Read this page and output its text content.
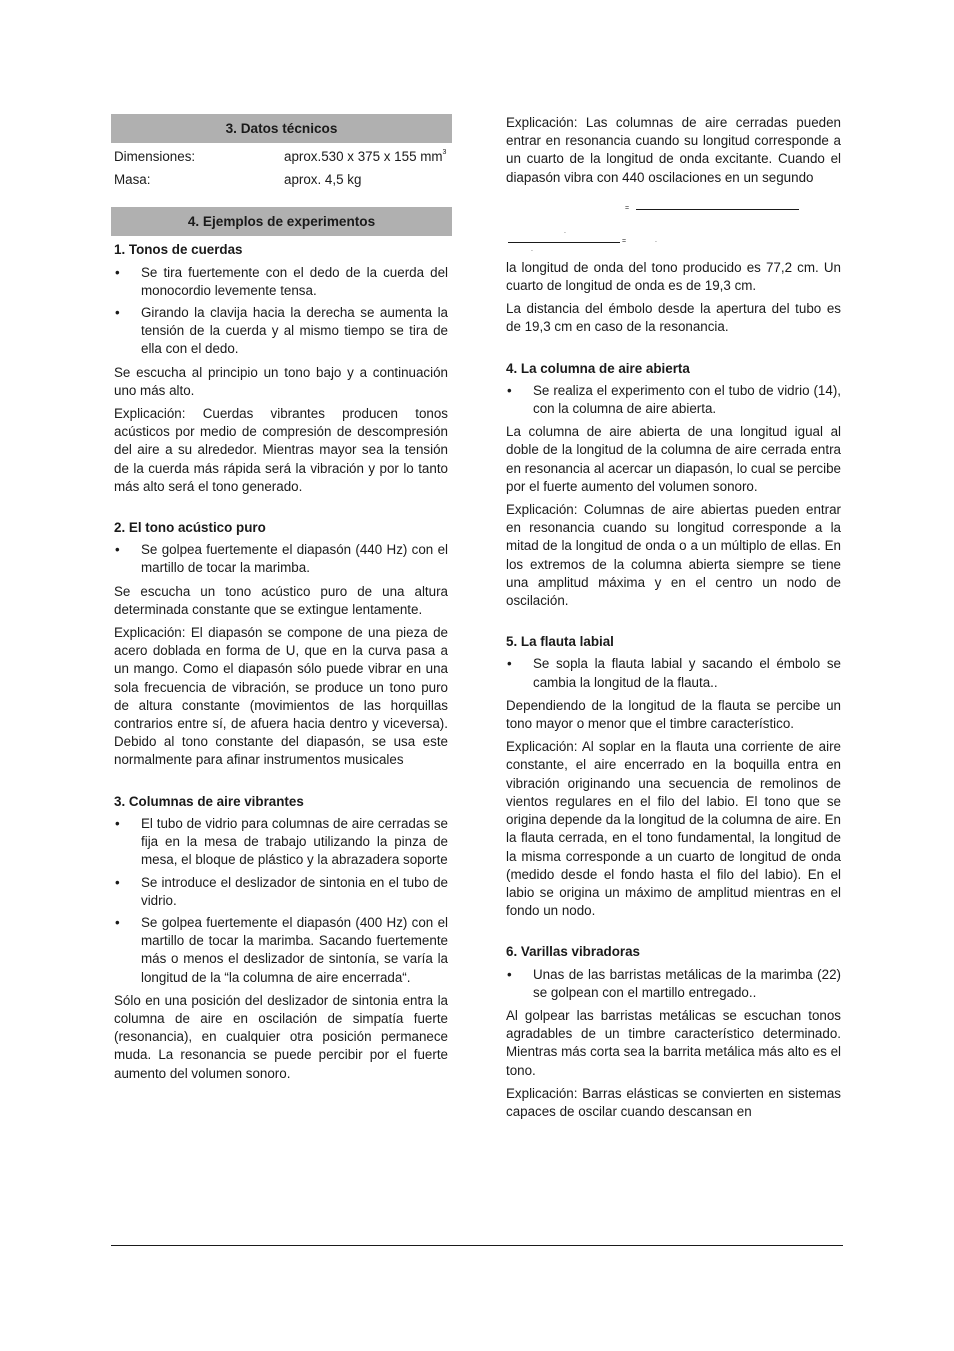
3. Datos técnicos
Dimensiones:	aprox.530 x 375 x 155 $mm^3$
Masa:	aprox. 4,5 kg
4. Ejemplos de experimentos
1. Tonos de cuerdas
• Se tira fuertemente con el dedo de la cuerda del monocordio levemente tensa.
• Girando la clavija hacia la derecha se aumenta la tensión de la cuerda y al mismo tiempo se tira de ella con el dedo.

Se escucha al principio un tono bajo y a continuación uno más alto.

Explicación: Cuerdas vibrantes producen tonos acústicos por medio de compresión de descompresión del aire a su alrededor. Mientras mayor sea la tensión de la cuerda más rápida será la vibración y por lo tanto más alto será el tono generado.

2. El tono acústico puro
• Se golpea fuertemente el diapasón (440 Hz) con el martillo de tocar la marimba.

Se escucha un tono acústico puro de una altura determinada constante que se extingue lentamente.

Explicación: El diapasón se compone de una pieza de acero doblada en forma de U, que en la curva pasa a un mango. Como el diapasón sólo puede vibrar en una sola frecuencia de vibración, se produce un tono puro de altura constante (movimientos de las horquillas contrarios entre sí, de afuera hacia dentro y viceversa). Debido al tono constante del diapasón, se usa este normalmente para afinar instrumentos musicales

3. Columnas de aire vibrantes
• El tubo de vidrio para columnas de aire cerradas se fija en la mesa de trabajo utilizando la pinza de mesa, el bloque de plástico y la abrazadera soporte
• Se introduce el deslizador de sintonia en el tubo de vidrio.
• Se golpea fuertemente el diapasón (400 Hz) con el martillo de tocar la marimba. Sacando fuertemente más o menos el deslizador de sintonía, se varía la longitud de la “la columna de aire encerrada“.

Sólo en una posición del deslizador de sintonia entra la columna de aire en oscilación de simpatía fuerte (resonancia), en cualquier otra posición permanece muda. La resonancia se puede percibir por el fuerte aumento del volumen sonoro.

Explicación: Las columnas de aire cerradas pueden entrar en resonancia cuando su longitud corresponde a un cuarto de la longitud de onda excitante. Cuando el diapasón vibra con 440 oscilaciones en un segundo

=
.
=
.
.

la longitud de onda del tono producido es 77,2 cm. Un cuarto de longitud de onda es de 19,3 cm.

La distancia del émbolo desde la apertura del tubo es de 19,3 cm en caso de la resonancia.

4. La columna de aire abierta
• Se realiza el experimento con el tubo de vidrio (14), con la columna de aire abierta.

La columna de aire abierta de una longitud igual al doble de la longitud de la columna de aire cerrada entra en resonancia al acercar un diapasón, lo cual se percibe por el fuerte aumento del volumen sonoro.

Explicación: Columnas de aire abiertas pueden entrar en resonancia cuando su longitud corresponde a la mitad de la longitud de onda o a un múltiplo de ellas. En los extremos de la columna abierta siempre se tiene una amplitud máxima y en el centro un nodo de oscilación.

5. La flauta labial
• Se sopla la flauta labial y sacando el émbolo se cambia la longitud de la flauta..

Dependiendo de la longitud de la flauta se percibe un tono mayor o menor que el timbre característico.

Explicación: Al soplar en la flauta una corriente de aire constante, el aire encerrado en la boquilla entra en vibración originando una secuencia de remolinos de vientos regulares en el filo del labio. El tono que se origina depende da la longitud de la columna de aire. En la flauta cerrada, en el tono fundamental, la longitud de la misma corresponde a un cuarto de longitud de onda (medido desde el fondo hasta el filo del labio). En el labio se origina un máximo de amplitud mientras en el fondo un nodo.

6. Varillas vibradoras
• Unas de las barristas metálicas de la marimba (22) se golpean con el martillo entregado..

Al golpear las barristas metálicas se escuchan tonos agradables de un timbre característico determinado. Mientras más corta sea la barrita metálica más alto es el tono.

Explicación: Barras elásticas se convierten en sistemas capaces de oscilar cuando descansan en
